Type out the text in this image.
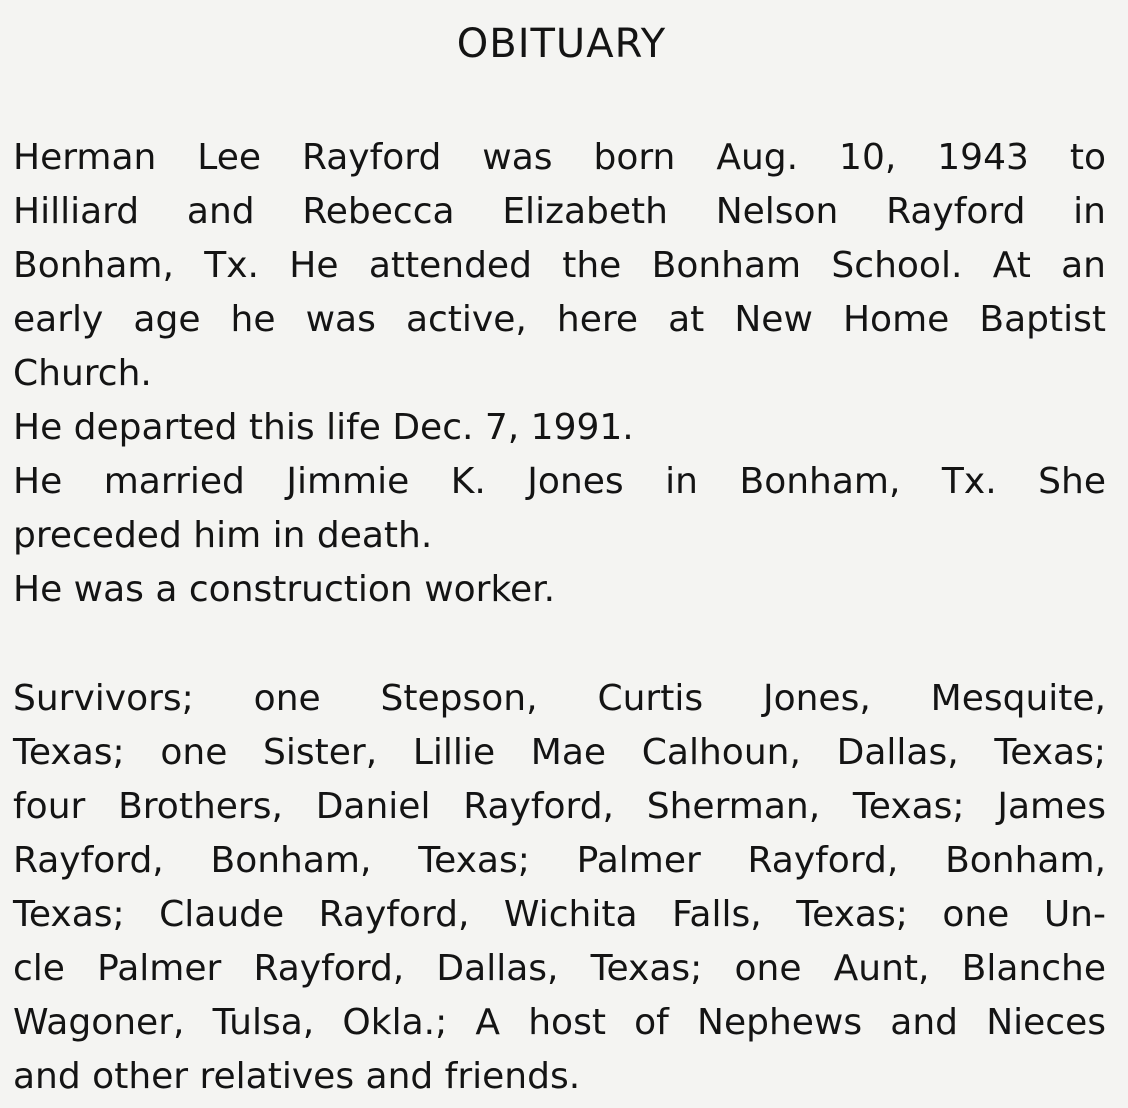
OBITUARY

Herman Lee Rayford was born Aug. 10, 1943 to

Hilliard and Rebecca Elizabeth Nelson Rayford in

Bonham, Tx. He attended the Bonham School. At an

early age he was active, here at New Home Baptist

Church.

He departed this life Dec. 7, 1991.

He married Jimmie K. Jones in Bonham, Tx. She

preceded him in death.

He was a construction worker.

Survivors; one Stepson, Curtis Jones, Mesquite,

Texas; one Sister, Lillie Mae Calhoun, Dallas, Texas;

four Brothers, Daniel Rayford, Sherman, Texas; James

Rayford, Bonham, Texas; Palmer Rayford, Bonham,

Texas; Claude Rayford, Wichita Falls, Texas; one Un-

cle Palmer Rayford, Dallas, Texas; one Aunt, Blanche

Wagoner, Tulsa, Okla.; A host of Nephews and Nieces

and other relatives and friends.
